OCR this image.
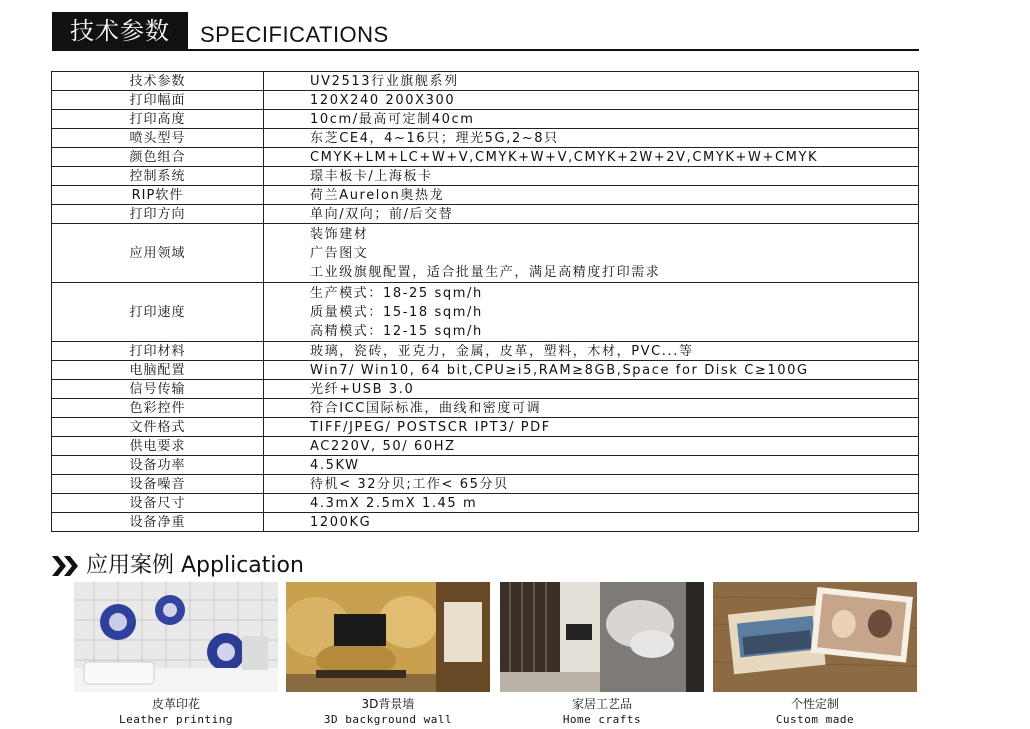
技术参数	SPECIFICATIONS
技术参数	UV2513行业旗舰系列

打印幅面	120X240 200X300

打印高度	10cm/最高可定制40cm

喷头型号	东芝CE4，4~16只；理光5G,2~8只

颜色组合	CMYK+LM+LC+W+V,CMYK+W+V,CMYK+2W+2V,CMYK+W+CMYK

控制系统	璟丰板卡/上海板卡

RIP软件	荷兰Aurelon奥热龙

打印方向	单向/双向；前/后交替

应用领域	装饰建材
广告图文
工业级旗舰配置，适合批量生产，满足高精度打印需求

打印速度	生产模式：18-25 sqm/h
质量模式：15-18 sqm/h
高精模式：12-15 sqm/h

打印材料	玻璃，瓷砖，亚克力，金属，皮革，塑料，木材，PVC...等

电脑配置	Win7/ Win10, 64 bit,CPU≥i5,RAM≥8GB,Space for Disk C≥100G

信号传输	光纤+USB 3.0

色彩控件	符合ICC国际标准，曲线和密度可调

文件格式	TIFF/JPEG/ POSTSCR IPT3/ PDF

供电要求	AC220V, 50/ 60HZ

设备功率	4.5KW

设备噪音	待机< 32分贝;工作< 65分贝

设备尺寸	4.3mX 2.5mX 1.45 m

设备净重	1200KG
应用案例 Application
皮革印花
Leather printing
3D背景墙
3D background wall
家居工艺品
Home crafts
个性定制
Custom made
